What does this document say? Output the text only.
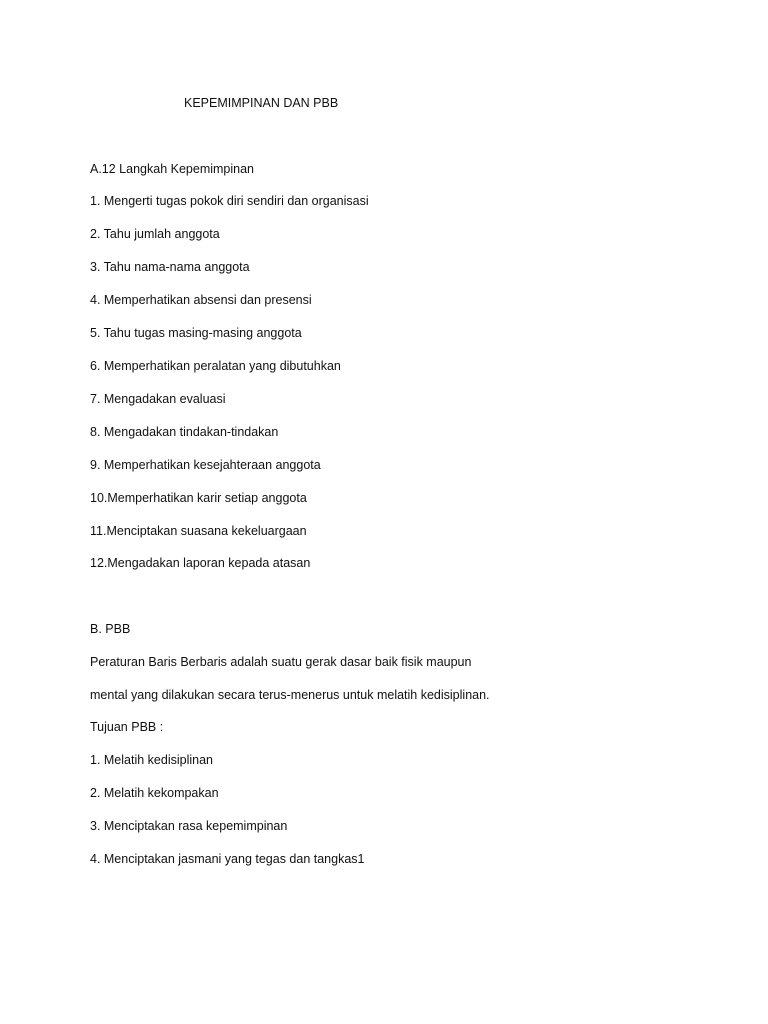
KEPEMIMPINAN DAN PBB
A.12 Langkah Kepemimpinan
1. Mengerti tugas pokok diri sendiri dan organisasi
2. Tahu jumlah anggota
3. Tahu nama-nama anggota
4. Memperhatikan absensi dan presensi
5. Tahu tugas masing-masing anggota
6. Memperhatikan peralatan yang dibutuhkan
7. Mengadakan evaluasi
8. Mengadakan tindakan-tindakan
9. Memperhatikan kesejahteraan anggota
10.Memperhatikan karir setiap anggota
11.Menciptakan suasana kekeluargaan
12.Mengadakan laporan kepada atasan
B. PBB
Peraturan Baris Berbaris adalah suatu gerak dasar baik fisik maupun
mental yang dilakukan secara terus-menerus untuk melatih kedisiplinan.
Tujuan PBB :
1. Melatih kedisiplinan
2. Melatih kekompakan
3. Menciptakan rasa kepemimpinan
4. Menciptakan jasmani yang tegas dan tangkas1
